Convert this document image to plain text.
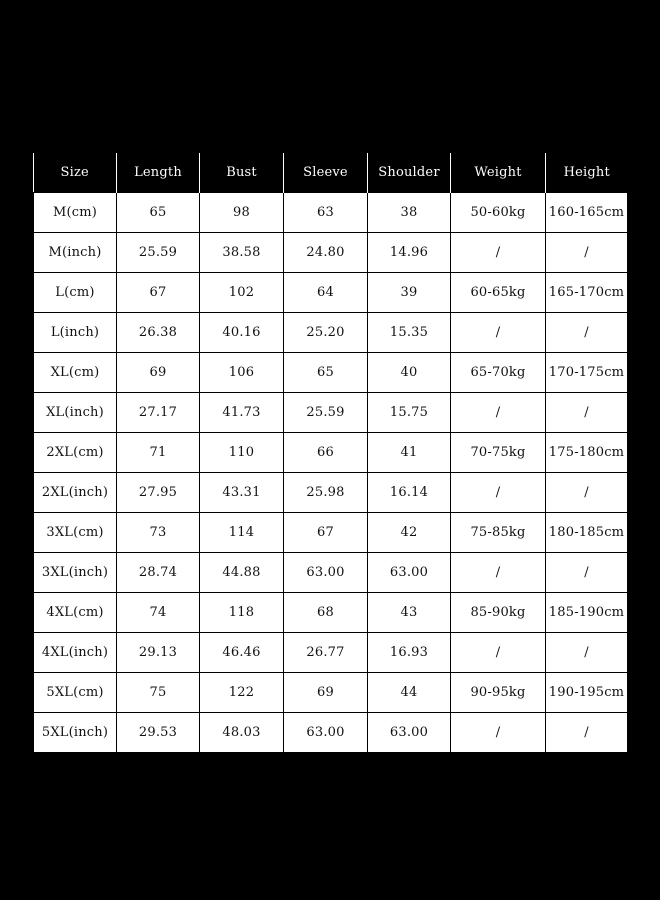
Size	Length	Bust	Sleeve	Shoulder	Weight	Height
M(cm)	65	98	63	38	50-60kg	160-165cm
M(inch)	25.59	38.58	24.80	14.96	/	/
L(cm)	67	102	64	39	60-65kg	165-170cm
L(inch)	26.38	40.16	25.20	15.35	/	/
XL(cm)	69	106	65	40	65-70kg	170-175cm
XL(inch)	27.17	41.73	25.59	15.75	/	/
2XL(cm)	71	110	66	41	70-75kg	175-180cm
2XL(inch)	27.95	43.31	25.98	16.14	/	/
3XL(cm)	73	114	67	42	75-85kg	180-185cm
3XL(inch)	28.74	44.88	63.00	63.00	/	/
4XL(cm)	74	118	68	43	85-90kg	185-190cm
4XL(inch)	29.13	46.46	26.77	16.93	/	/
5XL(cm)	75	122	69	44	90-95kg	190-195cm
5XL(inch)	29.53	48.03	63.00	63.00	/	/
